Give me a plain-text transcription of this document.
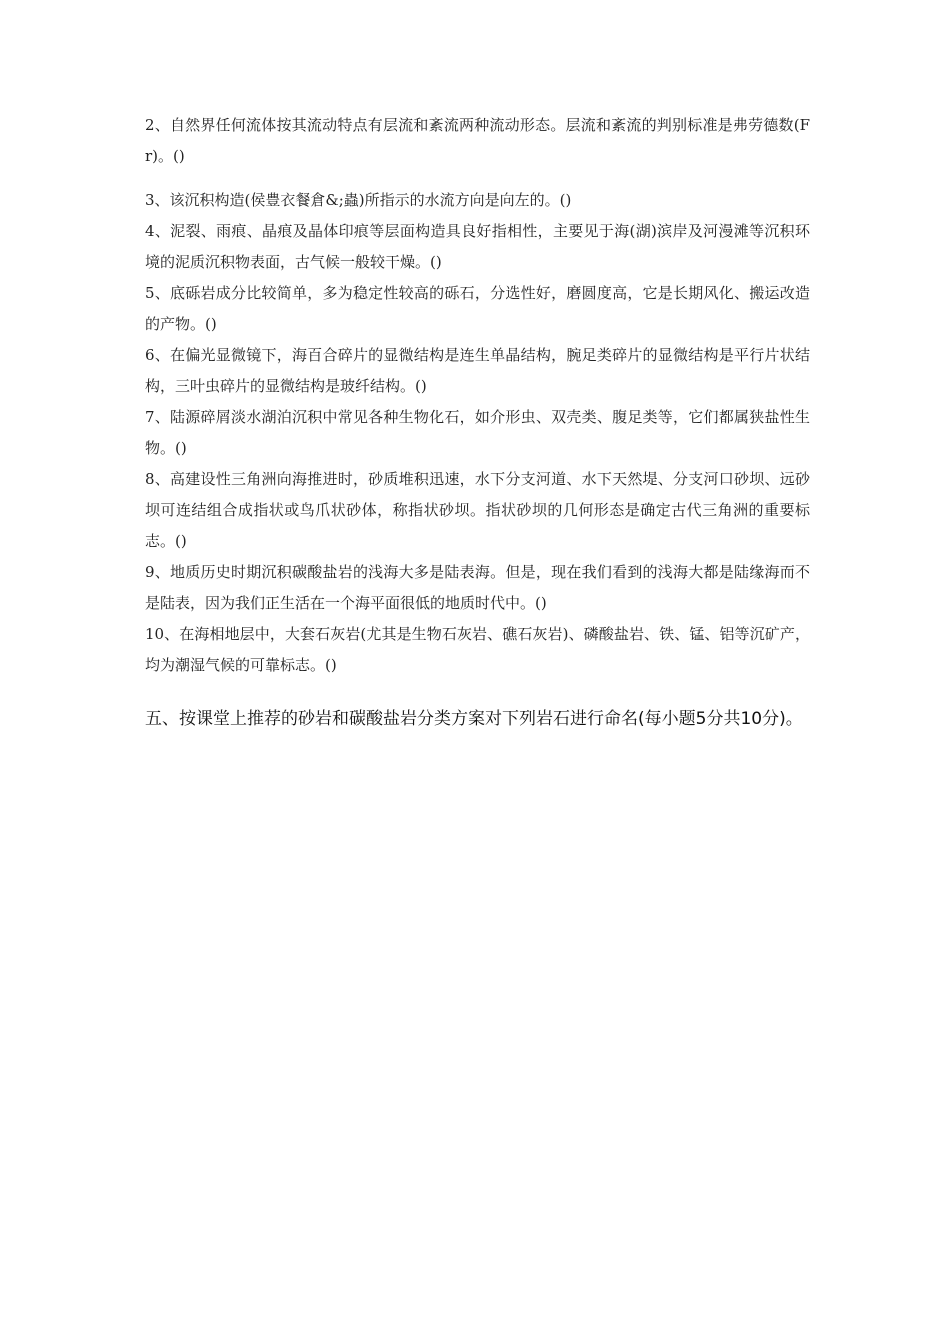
2、自然界任何流体按其流动特点有层流和紊流两种流动形态。层流和紊流的判别标准是弗劳德数(Fr)。()

3、该沉积构造(侯豊衣餐倉&;蟲)所指示的水流方向是向左的。()

4、泥裂、雨痕、晶痕及晶体印痕等层面构造具良好指相性，主要见于海(湖)滨岸及河漫滩等沉积环境的泥质沉积物表面，古气候一般较干燥。()

5、底砾岩成分比较简单，多为稳定性较高的砾石，分选性好，磨圆度高，它是长期风化、搬运改造的产物。()

6、在偏光显微镜下，海百合碎片的显微结构是连生单晶结构，腕足类碎片的显微结构是平行片状结构，三叶虫碎片的显微结构是玻纤结构。()

7、陆源碎屑淡水湖泊沉积中常见各种生物化石，如介形虫、双壳类、腹足类等，它们都属狭盐性生物。()

8、高建设性三角洲向海推进时，砂质堆积迅速，水下分支河道、水下天然堤、分支河口砂坝、远砂坝可连结组合成指状或鸟爪状砂体，称指状砂坝。指状砂坝的几何形态是确定古代三角洲的重要标志。()

9、地质历史时期沉积碳酸盐岩的浅海大多是陆表海。但是，现在我们看到的浅海大都是陆缘海而不是陆表，因为我们正生活在一个海平面很低的地质时代中。()

10、在海相地层中，大套石灰岩(尤其是生物石灰岩、礁石灰岩)、磷酸盐岩、铁、锰、铝等沉矿产，均为潮湿气候的可靠标志。()

五、按课堂上推荐的砂岩和碳酸盐岩分类方案对下列岩石进行命名(每小题5分共10分)。
